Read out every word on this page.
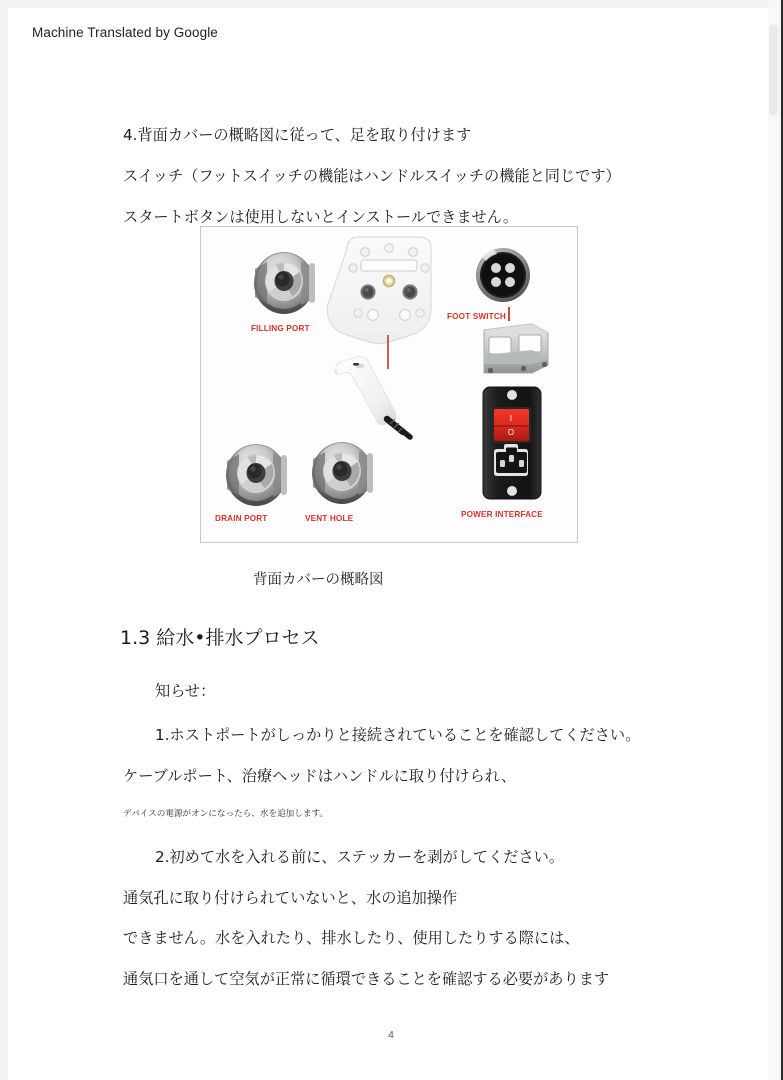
Machine Translated by Google
4.背面カバーの概略図に従って、足を取り付けます
スイッチ（フットスイッチの機能はハンドルスイッチの機能と同じです）
スタートボタンは使用しないとインストールできません。
FILLING PORT
FOOT SWITCH
I
O
POWER INTERFACE
DRAIN PORT	VENT HOLE
背面カバーの概略図
1.3 給水•排水プロセス
知らせ：
1.ホストポートがしっかりと接続されていることを確認してください。
ケーブルポート、治療ヘッドはハンドルに取り付けられ、
デバイスの電源がオンになったら、水を追加します。
2.初めて水を入れる前に、ステッカーを剥がしてください。
通気孔に取り付けられていないと、水の追加操作
できません。水を入れたり、排水したり、使用したりする際には、
通気口を通して空気が正常に循環できることを確認する必要があります
4
